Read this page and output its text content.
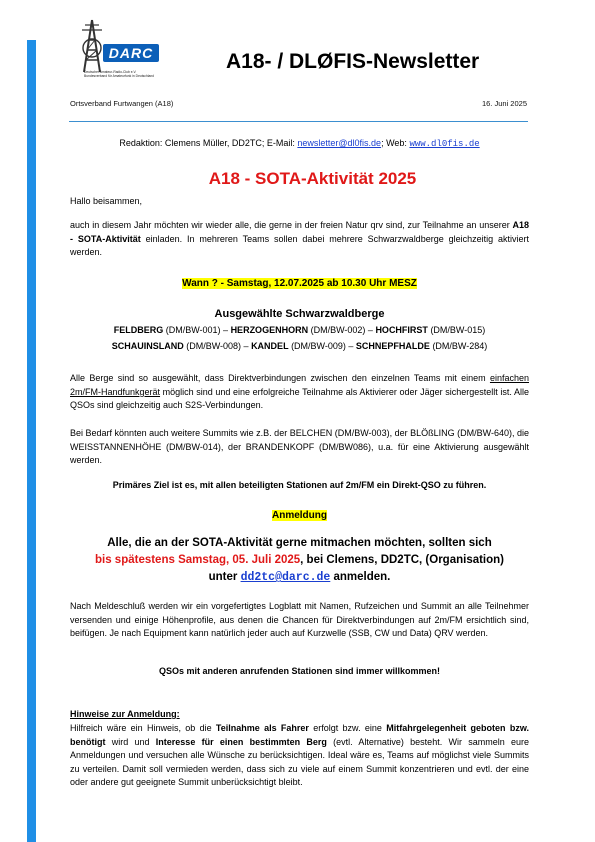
DARC
Deutscher Amateur-Radio-Club e.V.
Bundesverband für Amateurfunk in Deutschland
A18- / DLØFIS-Newsletter
Ortsverband Furtwangen (A18)	16. Juni 2025
Redaktion: Clemens Müller, DD2TC; E-Mail: newsletter@dl0fis.de; Web: www.dl0fis.de
A18 - SOTA-Aktivität 2025
Hallo beisammen,
auch in diesem Jahr möchten wir wieder alle, die gerne in der freien Natur qrv sind, zur Teilnahme an unserer A18 - SOTA-Aktivität einladen. In mehreren Teams sollen dabei mehrere Schwarzwaldberge gleichzeitig aktiviert werden.
Wann ? - Samstag, 12.07.2025 ab 10.30 Uhr MESZ
Ausgewählte Schwarzwaldberge
FELDBERG (DM/BW-001) – HERZOGENHORN (DM/BW-002) – HOCHFIRST (DM/BW-015)
SCHAUINSLAND (DM/BW-008) – KANDEL (DM/BW-009) – SCHNEPFHALDE (DM/BW-284)
Alle Berge sind so ausgewählt, dass Direktverbindungen zwischen den einzelnen Teams mit einem einfachen 2m/FM-Handfunkgerät möglich sind und eine erfolgreiche Teilnahme als Aktivierer oder Jäger sichergestellt ist. Alle QSOs sind gleichzeitig auch S2S-Verbindungen.
Bei Bedarf könnten auch weitere Summits wie z.B. der BELCHEN (DM/BW-003), der BLÖßLING (DM/BW-640), die WEISSTANNENHÖHE (DM/BW-014), der BRANDENKOPF (DM/BW086), u.a. für eine Aktivierung ausgewählt werden.
Primäres Ziel ist es, mit allen beteiligten Stationen auf 2m/FM ein Direkt-QSO zu führen.
Anmeldung
Alle, die an der SOTA-Aktivität gerne mitmachen möchten, sollten sich
bis spätestens Samstag, 05. Juli 2025, bei Clemens, DD2TC, (Organisation)
unter dd2tc@darc.de anmelden.
Nach Meldeschluß werden wir ein vorgefertigtes Logblatt mit Namen, Rufzeichen und Summit an alle Teilnehmer versenden und einige Höhenprofile, aus denen die Chancen für Direktverbindungen auf 2m/FM ersichtlich sind, beifügen. Je nach Equipment kann natürlich jeder auch auf Kurzwelle (SSB, CW und Data) QRV werden.
QSOs mit anderen anrufenden Stationen sind immer willkommen!
Hinweise zur Anmeldung:
Hilfreich wäre ein Hinweis, ob die Teilnahme als Fahrer erfolgt bzw. eine Mitfahrgelegenheit geboten bzw. benötigt wird und Interesse für einen bestimmten Berg (evtl. Alternative) besteht. Wir sammeln eure Anmeldungen und versuchen alle Wünsche zu berücksichtigen. Ideal wäre es, Teams auf möglichst viele Summits zu verteilen. Damit soll vermieden werden, dass sich zu viele auf einem Summit konzentrieren und evtl. der eine oder andere gut geeignete Summit unberücksichtigt bleibt.
